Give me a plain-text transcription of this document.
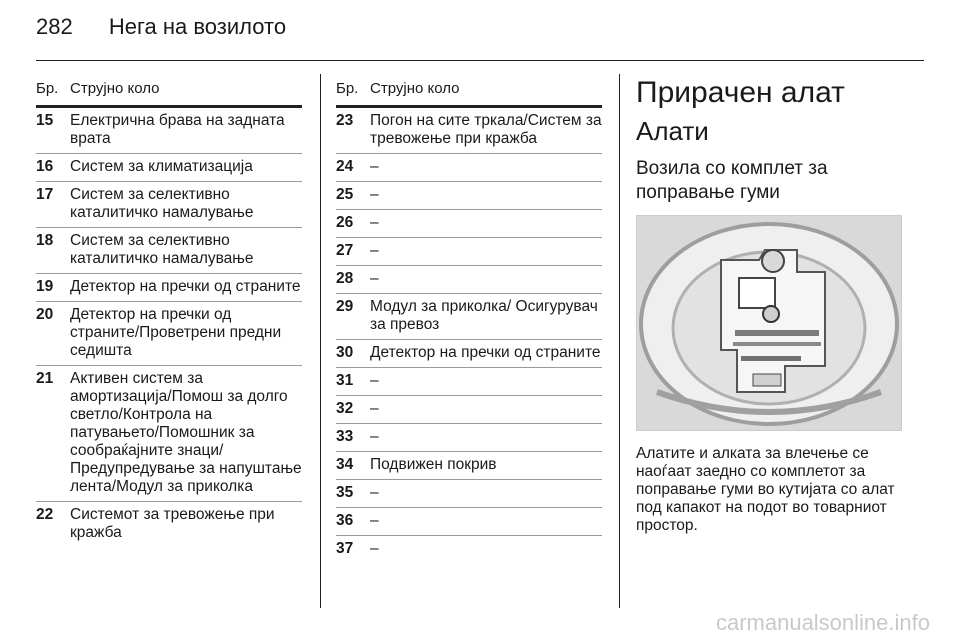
282 Нега на возилото
Бр. Струјно коло
15	Електрична брава на задната врата
16	Систем за климатизација
17	Систем за селективно каталитичко намалување
18	Систем за селективно каталитичко намалување
19	Детектор на пречки од страните
20	Детектор на пречки од страните/Проветрени предни седишта
21	Активен систем за амортизација/Помош за долго светло/Контрола на патувањето/Помошник за сообраќајните знаци/ Предупредување за напуштање лента/Модул за приколка
22	Системот за тревожење при кражба
Бр. Струјно коло
23	Погон на сите тркала/Систем за тревожење при кражба
24	–
25	–
26	–
27	–
28	–
29	Модул за приколка/ Осигурувач за превоз
30	Детектор на пречки од страните
31	–
32	–
33	–
34	Подвижен покрив
35	–
36	–
37	–
Прирачен алат
Алати
Возила со комплет за поправање гуми
Алатите и алката за влечење се наоѓаат заедно со комплетот за поправање гуми во кутијата со алат под капакот на подот во товарниот простор.
carmanualsonline.info
